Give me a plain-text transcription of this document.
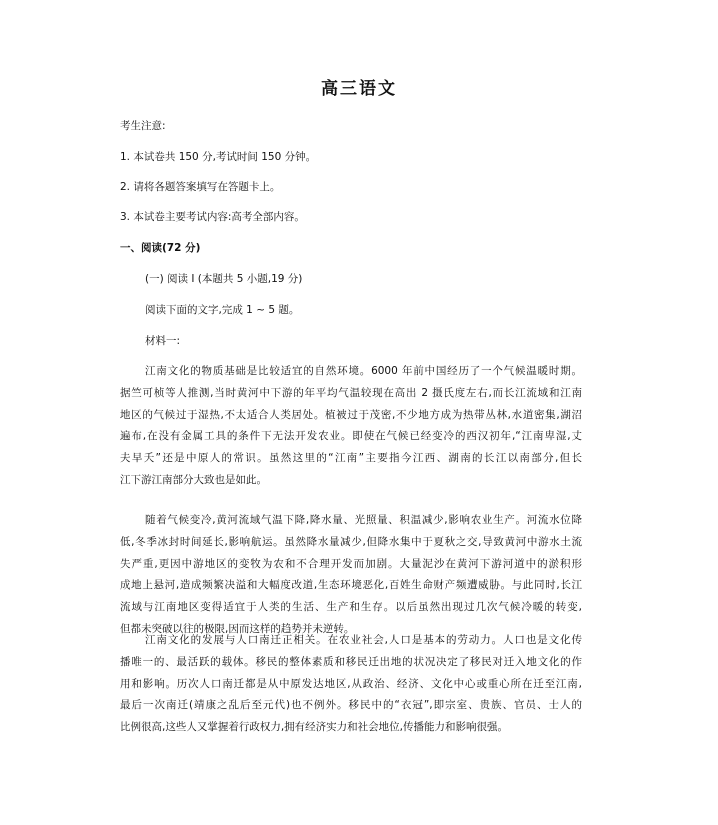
高三语文
考生注意:
1. 本试卷共 150 分,考试时间 150 分钟。
2. 请将各题答案填写在答题卡上。
3. 本试卷主要考试内容:高考全部内容。
一、阅读(72 分)
(一) 阅读 I (本题共 5 小题,19 分)
阅读下面的文字,完成 1 ~ 5 题。
材料一:
江南文化的物质基础是比较适宜的自然环境。6000 年前中国经历了一个气候温暖时期。
据竺可桢等人推测,当时黄河中下游的年平均气温较现在高出 2 摄氏度左右,而长江流域和江南
地区的气候过于湿热,不太适合人类居处。植被过于茂密,不少地方成为热带丛林,水道密集,湖沼
遍布,在没有金属工具的条件下无法开发农业。即使在气候已经变冷的西汉初年,“江南卑湿,丈
夫早夭”还是中原人的常识。虽然这里的“江南”主要指今江西、湖南的长江以南部分,但长
江下游江南部分大致也是如此。
随着气候变冷,黄河流域气温下降,降水量、光照量、积温减少,影响农业生产。河流水位降
低,冬季冰封时间延长,影响航运。虽然降水量减少,但降水集中于夏秋之交,导致黄河中游水土流
失严重,更因中游地区的变牧为农和不合理开发而加剧。大量泥沙在黄河下游河道中的淤积形
成地上悬河,造成频繁决溢和大幅度改道,生态环境恶化,百姓生命财产频遭威胁。与此同时,长江
流域与江南地区变得适宜于人类的生活、生产和生存。以后虽然出现过几次气候冷暖的转变,
但都未突破以往的极限,因而这样的趋势并未逆转。
江南文化的发展与人口南迁正相关。在农业社会,人口是基本的劳动力。人口也是文化传
播唯一的、最活跃的载体。移民的整体素质和移民迁出地的状况决定了移民对迁入地文化的作
用和影响。历次人口南迁都是从中原发达地区,从政治、经济、文化中心或重心所在迁至江南,
最后一次南迁(靖康之乱后至元代)也不例外。移民中的“衣冠”,即宗室、贵族、官员、士人的
比例很高,这些人又掌握着行政权力,拥有经济实力和社会地位,传播能力和影响很强。
